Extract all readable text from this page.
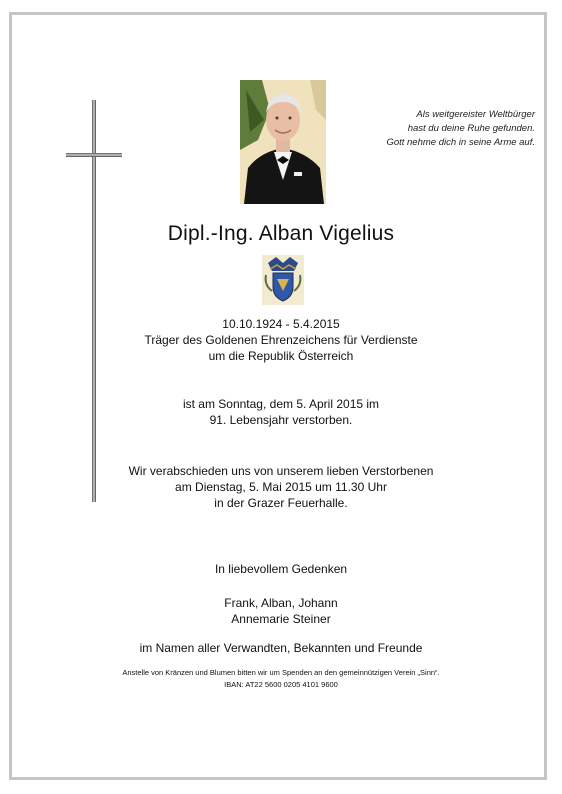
Als weitgereister Weltbürger
hast du deine Ruhe gefunden.
Gott nehme dich in seine Arme auf.
Dipl.-Ing. Alban Vigelius
10.10.1924 - 5.4.2015
Träger des Goldenen Ehrenzeichens für Verdienste
um die Republik Österreich
ist am Sonntag, dem 5. April 2015 im
91. Lebensjahr verstorben.
Wir verabschieden uns von unserem lieben Verstorbenen
am Dienstag, 5. Mai 2015 um 11.30 Uhr
in der Grazer Feuerhalle.
In liebevollem Gedenken
Frank, Alban, Johann
Annemarie Steiner
im Namen aller Verwandten, Bekannten und Freunde
Anstelle von Kränzen und Blumen bitten wir um Spenden an den gemeinnützigen Verein „Sinn“.
IBAN: AT22 5600 0205 4101 9600
